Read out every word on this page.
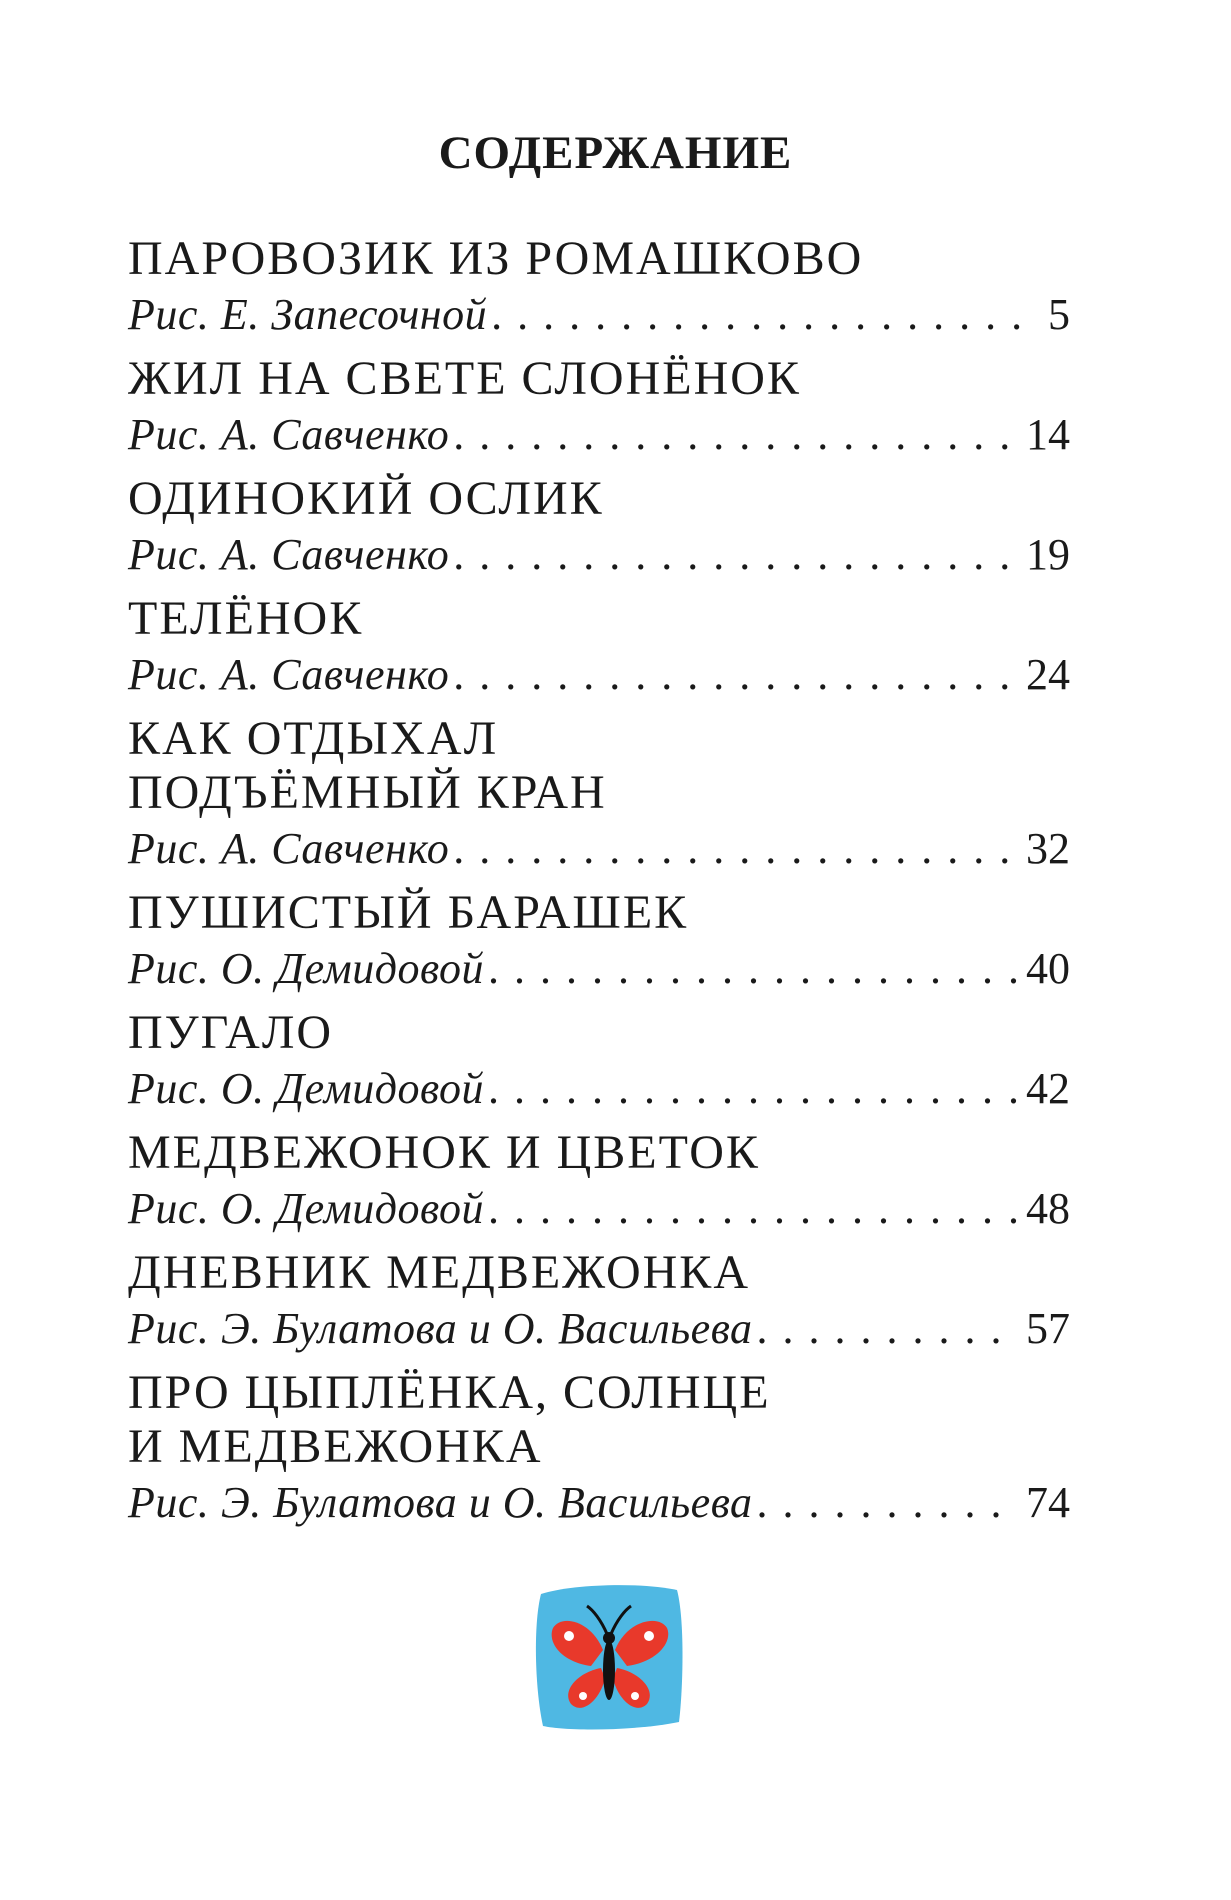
СОДЕРЖАНИЕ
ПАРОВОЗИК ИЗ РОМАШКОВО
Рис. Е. Запесочной . . .	5
ЖИЛ НА СВЕТЕ СЛОНЁНОК
Рис. А. Савченко . . .	14
ОДИНОКИЙ ОСЛИК
Рис. А. Савченко . . .	19
ТЕЛЁНОК
Рис. А. Савченко . . .	24
КАК ОТДЫХАЛ
ПОДЪЁМНЫЙ КРАН
Рис. А. Савченко . . .	32
ПУШИСТЫЙ БАРАШЕК
Рис. О. Демидовой . . .	40
ПУГАЛО
Рис. О. Демидовой . . .	42
МЕДВЕЖОНОК И ЦВЕТОК
Рис. О. Демидовой . . .	48
ДНЕВНИК МЕДВЕЖОНКА
Рис. Э. Булатова и О. Васильева . . .	57
ПРО ЦЫПЛЁНКА, СОЛНЦЕ
И МЕДВЕЖОНКА
Рис. Э. Булатова и О. Васильева . . .	74
